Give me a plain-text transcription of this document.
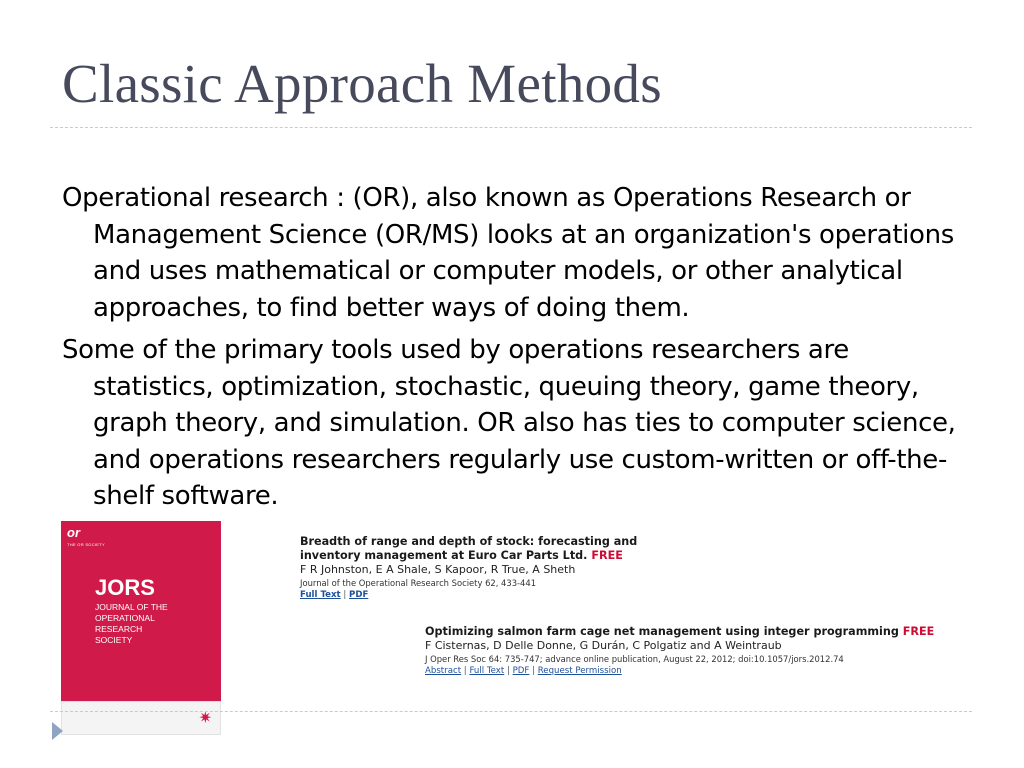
Classic Approach Methods

Operational research : (OR), also known as Operations Research or Management Science (OR/MS) looks at an organization's operations and uses mathematical or computer models, or other analytical approaches, to find better ways of doing them.

Some of the primary tools used by operations researchers are statistics, optimization, stochastic, queuing theory, game theory, graph theory, and simulation. OR also has ties to computer science, and operations researchers regularly use custom-written or off-the-shelf software.

or
THE OR SOCIETY
JORS
JOURNAL OF THE
OPERATIONAL
RESEARCH
SOCIETY
✷
Breadth of range and depth of stock: forecasting and inventory management at Euro Car Parts Ltd. FREE
F R Johnston, E A Shale, S Kapoor, R True, A Sheth
Journal of the Operational Research Society 62, 433-441
Full Text | PDF
Optimizing salmon farm cage net management using integer programming FREE
F Cisternas, D Delle Donne, G Durán, C Polgatiz and A Weintraub
J Oper Res Soc 64: 735-747; advance online publication, August 22, 2012; doi:10.1057/jors.2012.74
Abstract | Full Text | PDF | Request Permission
